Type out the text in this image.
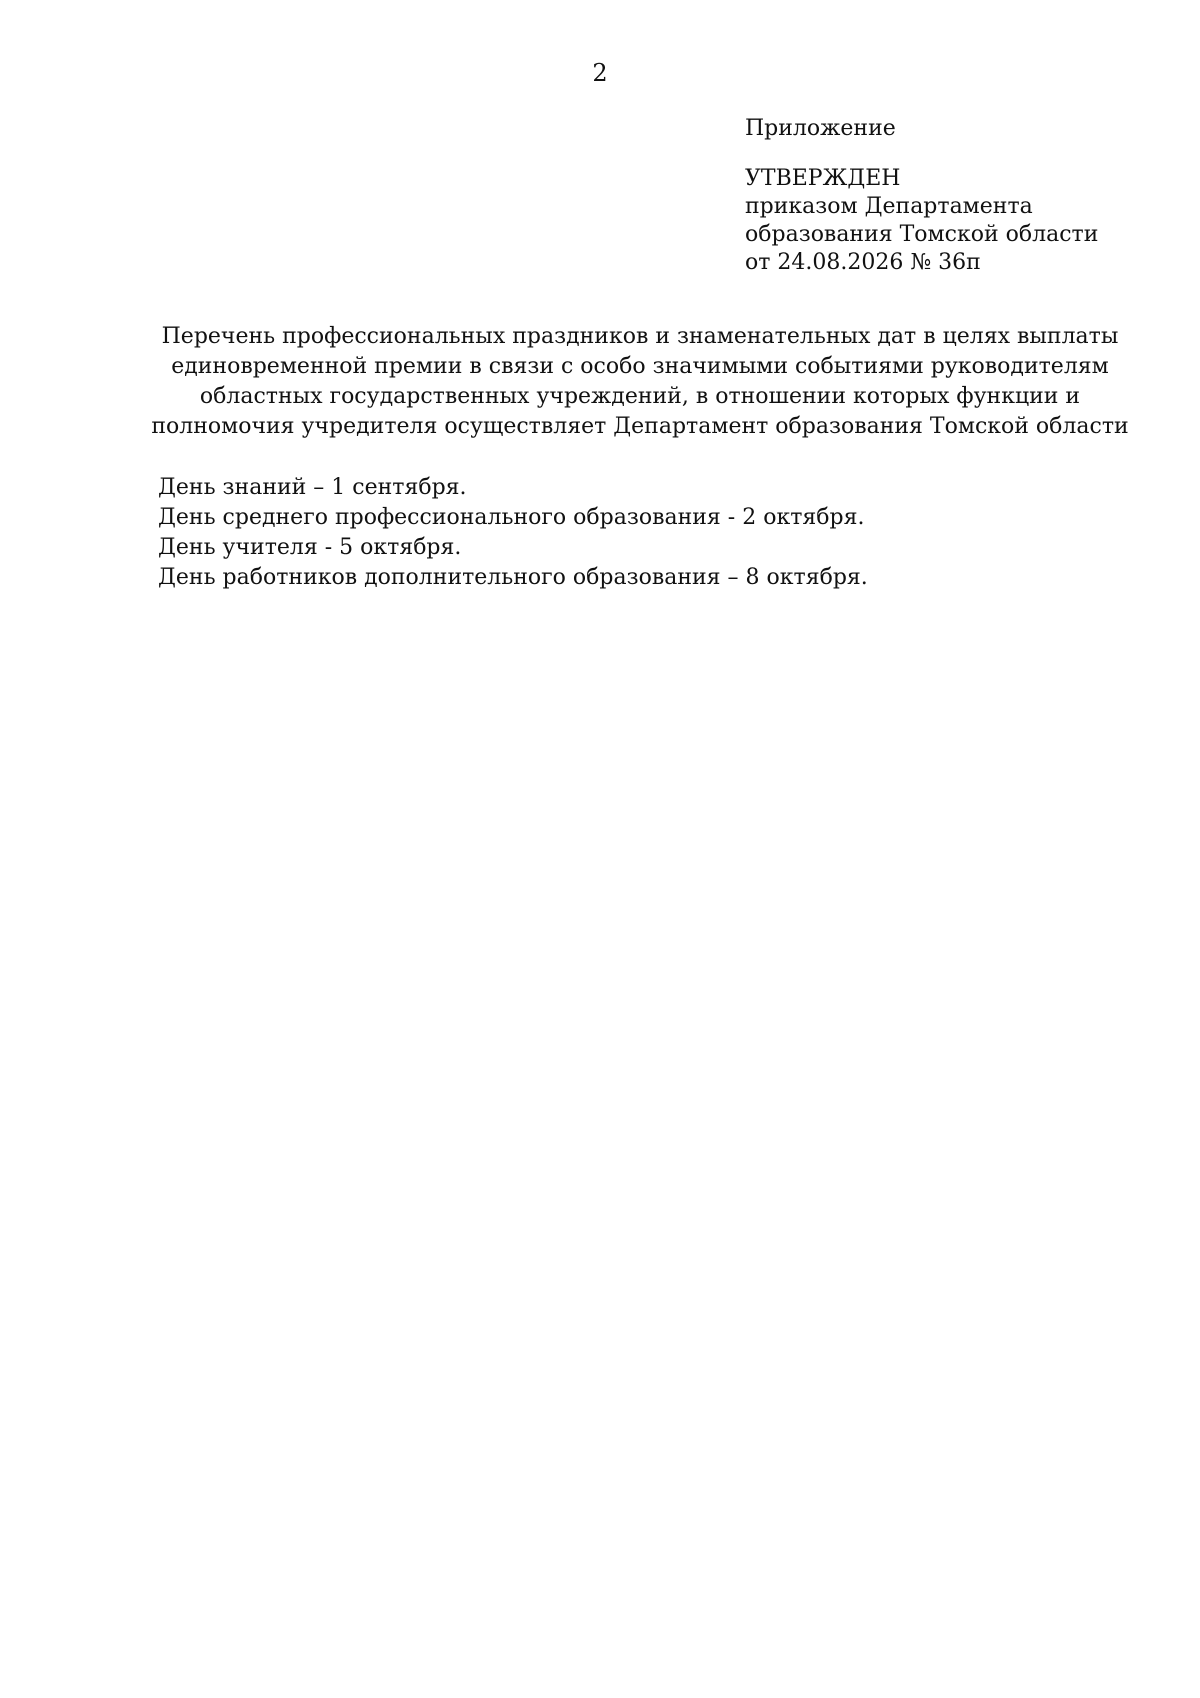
2
Приложение
УТВЕРЖДЕН
приказом Департамента
образования Томской области
от 24.08.2026 № 36п
Перечень профессиональных праздников и знаменательных дат в целях выплаты
единовременной премии в связи с особо значимыми событиями руководителям
областных государственных учреждений, в отношении которых функции и
полномочия учредителя осуществляет Департамент образования Томской области
День знаний – 1 сентября.
День среднего профессионального образования - 2 октября.
День учителя - 5 октября.
День работников дополнительного образования – 8 октября.
